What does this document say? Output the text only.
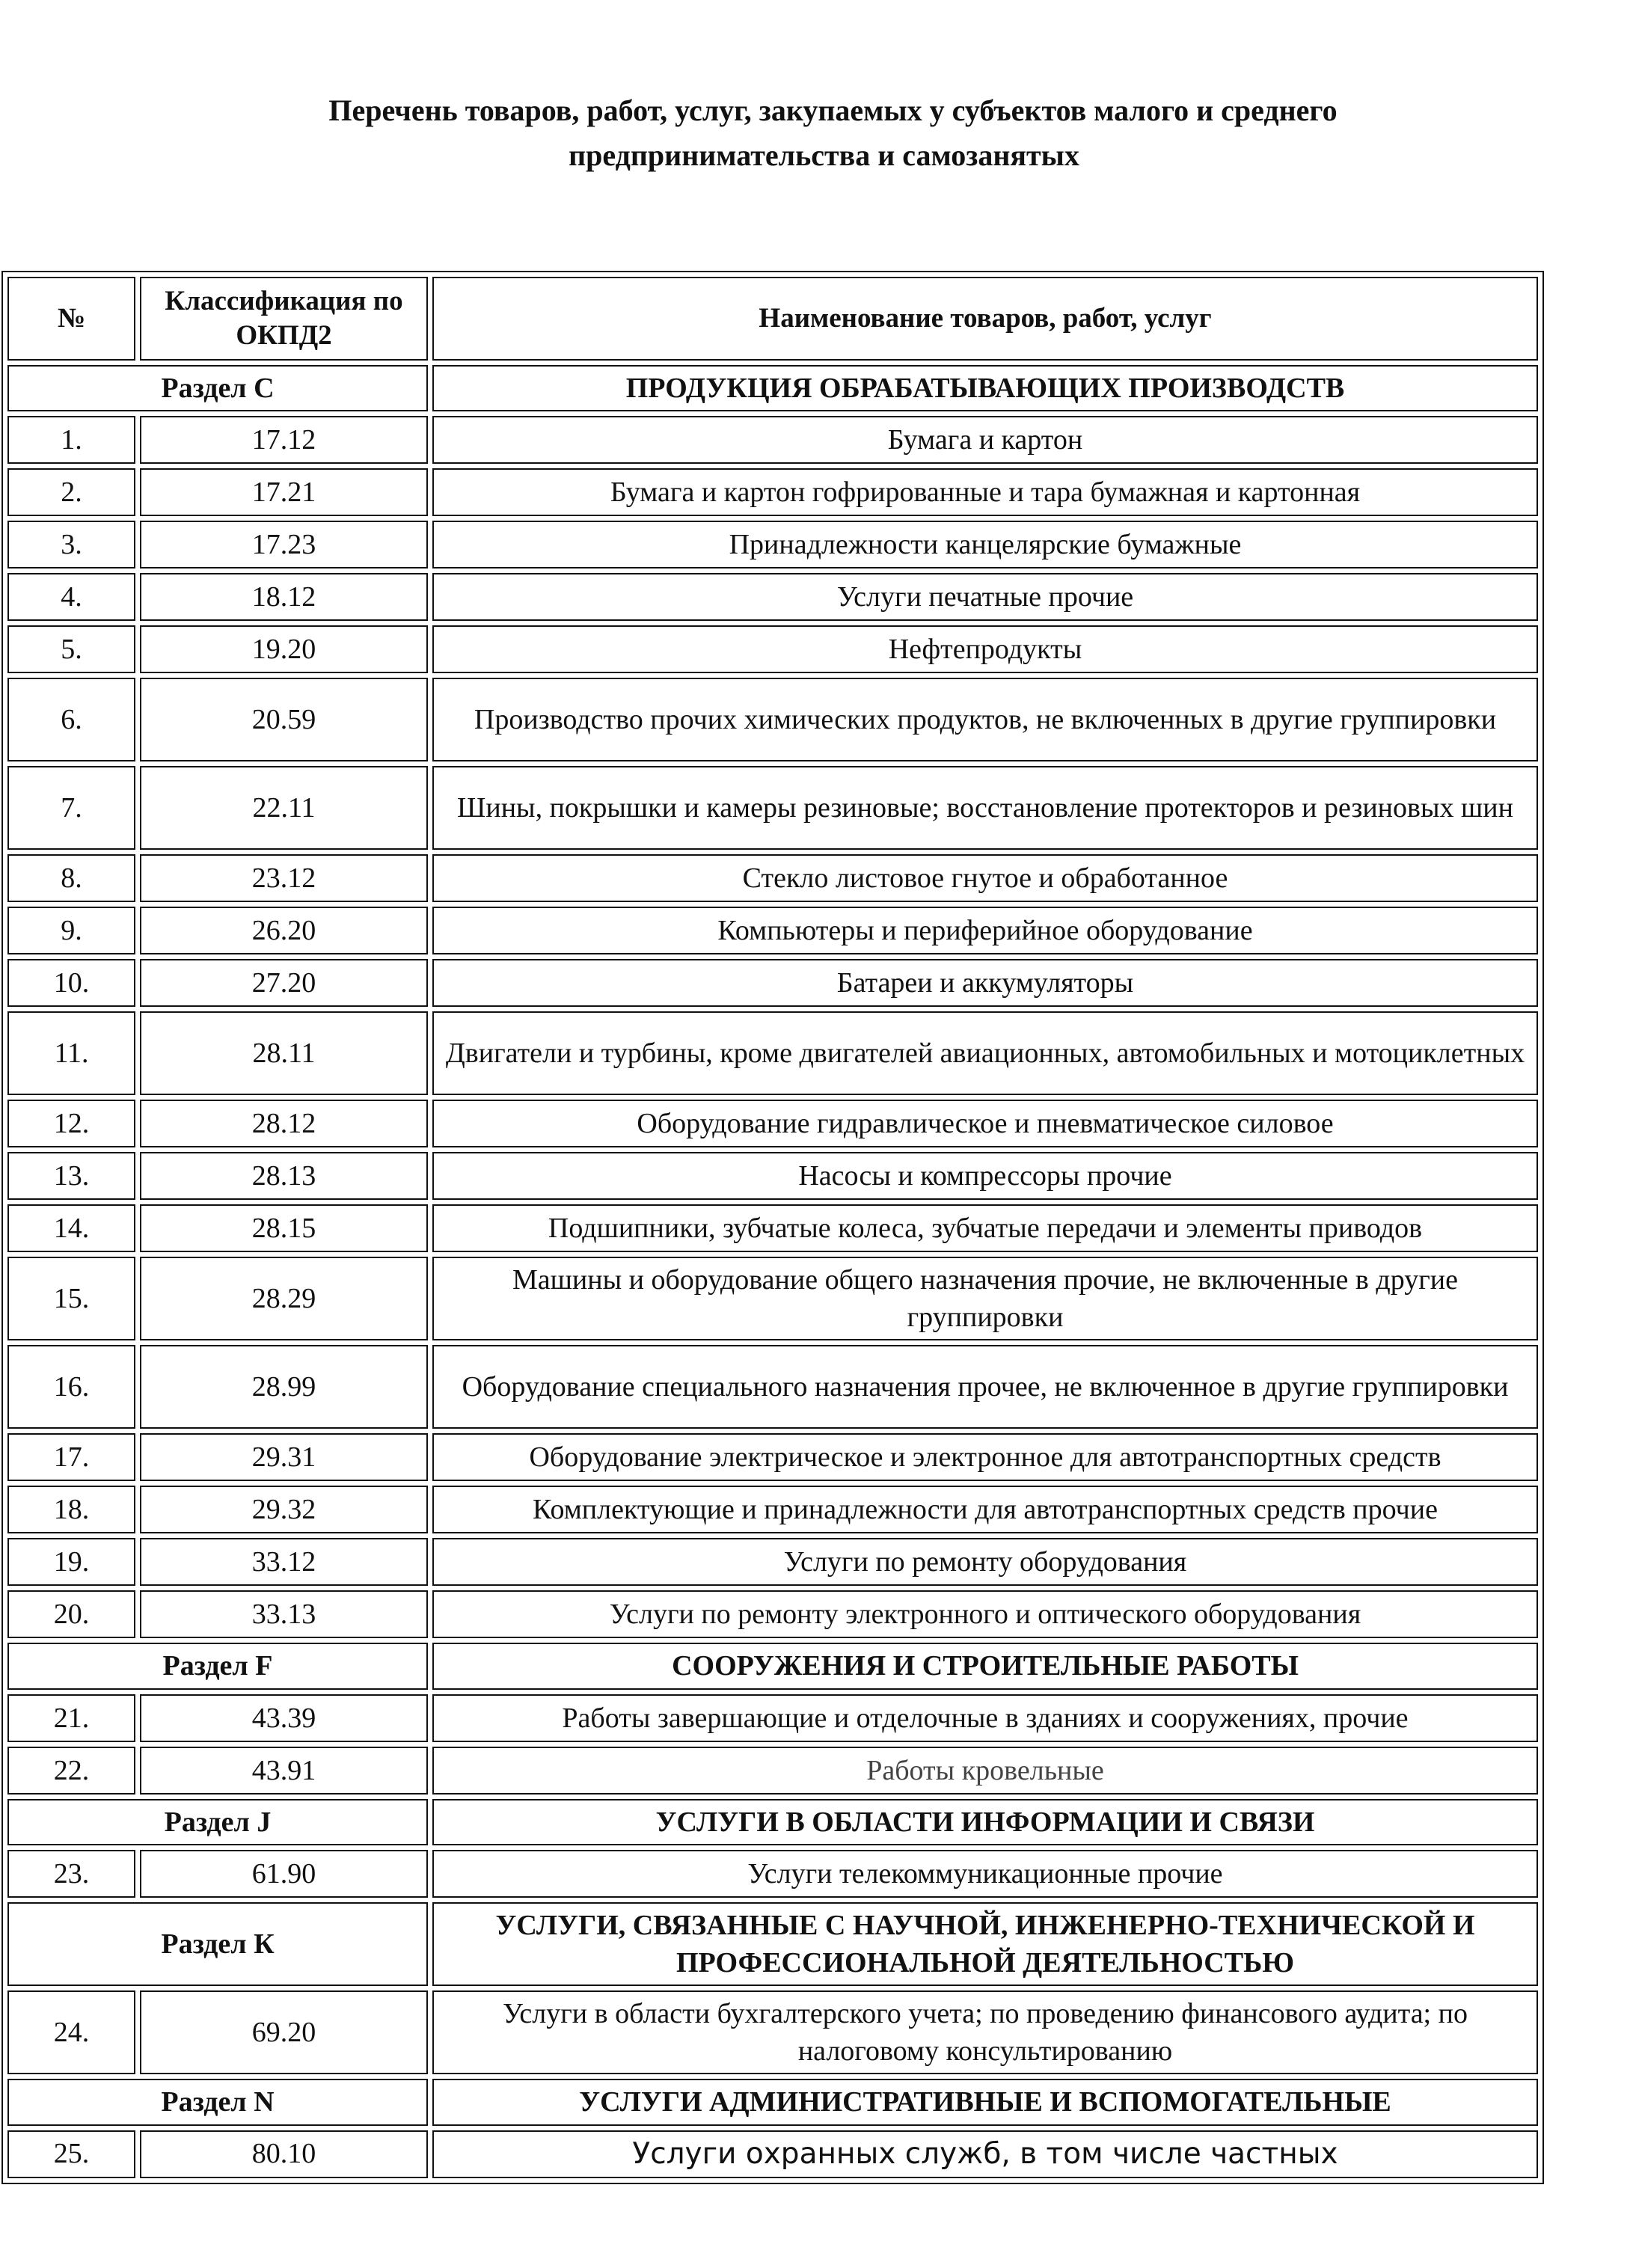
Перечень товаров, работ, услуг, закупаемых у субъектов малого и среднего
предпринимательства и самозанятых
№	Классификация по ОКПД2	Наименование товаров, работ, услуг
Раздел С		ПРОДУКЦИЯ ОБРАБАТЫВАЮЩИХ ПРОИЗВОДСТВ
1.	17.12	Бумага и картон
2.	17.21	Бумага и картон гофрированные и тара бумажная и картонная
3.	17.23	Принадлежности канцелярские бумажные
4.	18.12	Услуги печатные прочие
5.	19.20	Нефтепродукты
6.	20.59	Производство прочих химических продуктов, не включенных в другие группировки
7.	22.11	Шины, покрышки и камеры резиновые; восстановление протекторов и резиновых шин
8.	23.12	Стекло листовое гнутое и обработанное
9.	26.20	Компьютеры и периферийное оборудование
10.	27.20	Батареи и аккумуляторы
11.	28.11	Двигатели и турбины, кроме двигателей авиационных, автомобильных и мотоциклетных
12.	28.12	Оборудование гидравлическое и пневматическое силовое
13.	28.13	Насосы и компрессоры прочие
14.	28.15	Подшипники, зубчатые колеса, зубчатые передачи и элементы приводов
15.	28.29	Машины и оборудование общего назначения прочие, не включенные в другие группировки
16.	28.99	Оборудование специального назначения прочее, не включенное в другие группировки
17.	29.31	Оборудование электрическое и электронное для автотранспортных средств
18.	29.32	Комплектующие и принадлежности для автотранспортных средств прочие
19.	33.12	Услуги по ремонту оборудования
20.	33.13	Услуги по ремонту электронного и оптического оборудования
Раздел F		СООРУЖЕНИЯ И СТРОИТЕЛЬНЫЕ РАБОТЫ
21.	43.39	Работы завершающие и отделочные в зданиях и сооружениях, прочие
22.	43.91	Работы кровельные
Раздел J		УСЛУГИ В ОБЛАСТИ ИНФОРМАЦИИ И СВЯЗИ
23.	61.90	Услуги телекоммуникационные прочие
Раздел К		УСЛУГИ, СВЯЗАННЫЕ С НАУЧНОЙ, ИНЖЕНЕРНО-ТЕХНИЧЕСКОЙ И ПРОФЕССИОНАЛЬНОЙ ДЕЯТЕЛЬНОСТЬЮ
24.	69.20	Услуги в области бухгалтерского учета; по проведению финансового аудита; по налоговому консультированию
Раздел N		УСЛУГИ АДМИНИСТРАТИВНЫЕ И ВСПОМОГАТЕЛЬНЫЕ
25.	80.10	Услуги охранных служб, в том числе частных
